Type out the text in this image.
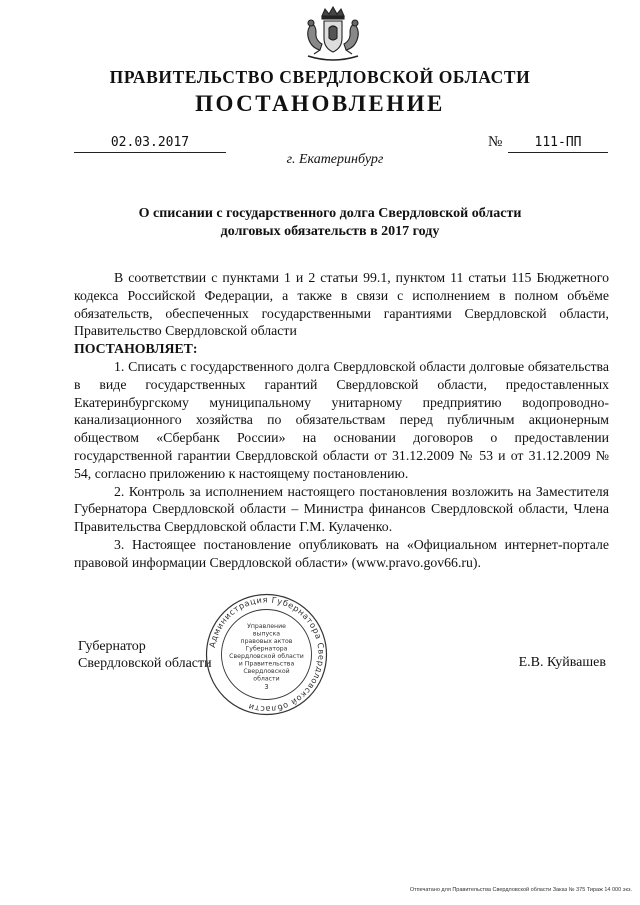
ПРАВИТЕЛЬСТВО СВЕРДЛОВСКОЙ ОБЛАСТИ
ПОСТАНОВЛЕНИЕ
02.03.2017	№	111-ПП
г. Екатеринбург
О списании с государственного долга Свердловской области
долговых обязательств в 2017 году

В соответствии с пунктами 1 и 2 статьи 99.1, пунктом 11 статьи 115 Бюджетного кодекса Российской Федерации, а также в связи с исполнением в полном объёме обязательств, обеспеченных государственными гарантиями Свердловской области, Правительство Свердловской области

ПОСТАНОВЛЯЕТ:

1. Списать с государственного долга Свердловской области долговые обязательства в виде государственных гарантий Свердловской области, предоставленных Екатеринбургскому муниципальному унитарному предприятию водопроводно-канализационного хозяйства по обязательствам перед публичным акционерным обществом «Сбербанк России» на основании договоров о предоставлении государственной гарантии Свердловской области от 31.12.2009 № 53 и от 31.12.2009 № 54, согласно приложению к настоящему постановлению.

2. Контроль за исполнением настоящего постановления возложить на Заместителя Губернатора Свердловской области – Министра финансов Свердловской области, Члена Правительства Свердловской области Г.М. Кулаченко.

3. Настоящее постановление опубликовать на «Официальном интернет-портале правовой информации Свердловской области» (www.pravo.gov66.ru).

Губернатор
Свердловской области	Е.В. Куйвашев
Администрация Губернатора Свердловской области
Управление
выпуска
правовых актов
Губернатора
Свердловской области
и Правительства
Свердловской
области
3
Отпечатано для Правительства Свердловской области Заказ № 375 Тираж 14 000 экз.
